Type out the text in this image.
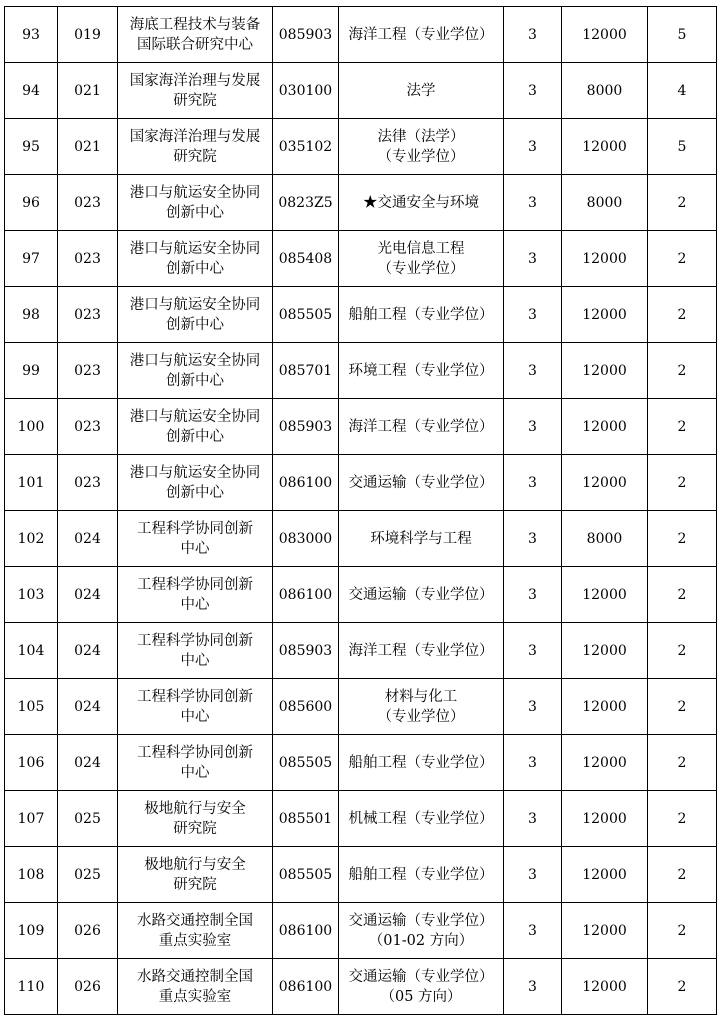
93	019	海底工程技术与装备
国际联合研究中心	085903	海洋工程（专业学位）	3	12000	5
94	021	国家海洋治理与发展
研究院	030100	法学	3	8000	4
95	021	国家海洋治理与发展
研究院	035102	法律（法学）
（专业学位）	3	12000	5
96	023	港口与航运安全协同
创新中心	0823Z5	★交通安全与环境	3	8000	2
97	023	港口与航运安全协同
创新中心	085408	光电信息工程
（专业学位）	3	12000	2
98	023	港口与航运安全协同
创新中心	085505	船舶工程（专业学位）	3	12000	2
99	023	港口与航运安全协同
创新中心	085701	环境工程（专业学位）	3	12000	2
100	023	港口与航运安全协同
创新中心	085903	海洋工程（专业学位）	3	12000	2
101	023	港口与航运安全协同
创新中心	086100	交通运输（专业学位）	3	12000	2
102	024	工程科学协同创新
中心	083000	环境科学与工程	3	8000	2
103	024	工程科学协同创新
中心	086100	交通运输（专业学位）	3	12000	2
104	024	工程科学协同创新
中心	085903	海洋工程（专业学位）	3	12000	2
105	024	工程科学协同创新
中心	085600	材料与化工
（专业学位）	3	12000	2
106	024	工程科学协同创新
中心	085505	船舶工程（专业学位）	3	12000	2
107	025	极地航行与安全
研究院	085501	机械工程（专业学位）	3	12000	2
108	025	极地航行与安全
研究院	085505	船舶工程（专业学位）	3	12000	2
109	026	水路交通控制全国
重点实验室	086100	交通运输（专业学位）
（01-02 方向）	3	12000	2
110	026	水路交通控制全国
重点实验室	086100	交通运输（专业学位）
（05 方向）	3	12000	2
